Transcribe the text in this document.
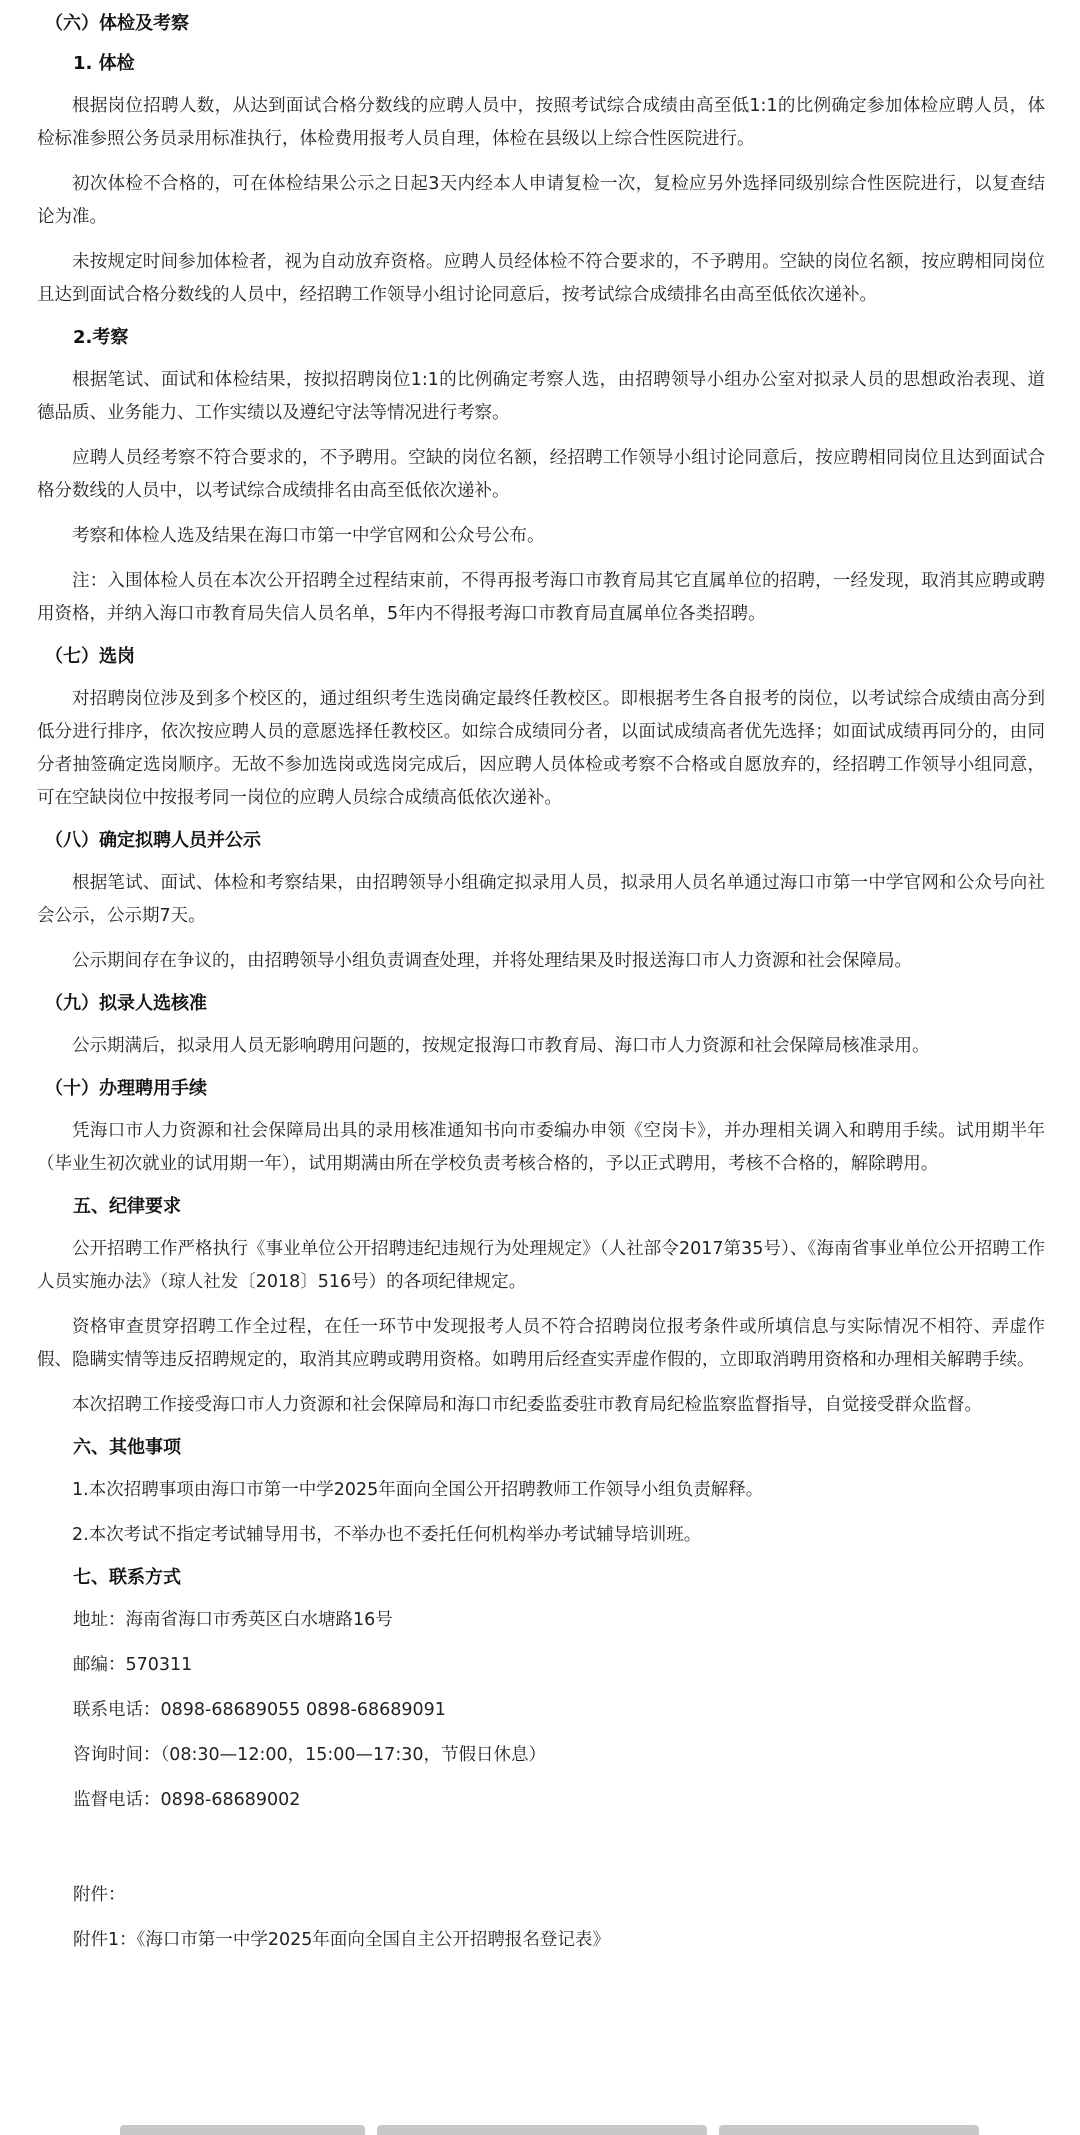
（六）体检及考察

1. 体检

根据岗位招聘人数，从达到面试合格分数线的应聘人员中，按照考试综合成绩由高至低1:1的比例确定参加体检应聘人员，体检标准参照公务员录用标准执行，体检费用报考人员自理，体检在县级以上综合性医院进行。

初次体检不合格的，可在体检结果公示之日起3天内经本人申请复检一次，复检应另外选择同级别综合性医院进行，以复查结论为准。

未按规定时间参加体检者，视为自动放弃资格。应聘人员经体检不符合要求的，不予聘用。空缺的岗位名额，按应聘相同岗位且达到面试合格分数线的人员中，经招聘工作领导小组讨论同意后，按考试综合成绩排名由高至低依次递补。

2.考察

根据笔试、面试和体检结果，按拟招聘岗位1:1的比例确定考察人选，由招聘领导小组办公室对拟录人员的思想政治表现、道德品质、业务能力、工作实绩以及遵纪守法等情况进行考察。

应聘人员经考察不符合要求的，不予聘用。空缺的岗位名额，经招聘工作领导小组讨论同意后，按应聘相同岗位且达到面试合格分数线的人员中，以考试综合成绩排名由高至低依次递补。

考察和体检人选及结果在海口市第一中学官网和公众号公布。

注：入围体检人员在本次公开招聘全过程结束前，不得再报考海口市教育局其它直属单位的招聘，一经发现，取消其应聘或聘用资格，并纳入海口市教育局失信人员名单，5年内不得报考海口市教育局直属单位各类招聘。

（七）选岗

对招聘岗位涉及到多个校区的，通过组织考生选岗确定最终任教校区。即根据考生各自报考的岗位，以考试综合成绩由高分到低分进行排序，依次按应聘人员的意愿选择任教校区。如综合成绩同分者，以面试成绩高者优先选择；如面试成绩再同分的，由同分者抽签确定选岗顺序。无故不参加选岗或选岗完成后，因应聘人员体检或考察不合格或自愿放弃的，经招聘工作领导小组同意，可在空缺岗位中按报考同一岗位的应聘人员综合成绩高低依次递补。

（八）确定拟聘人员并公示

根据笔试、面试、体检和考察结果，由招聘领导小组确定拟录用人员，拟录用人员名单通过海口市第一中学官网和公众号向社会公示，公示期7天。

公示期间存在争议的，由招聘领导小组负责调查处理，并将处理结果及时报送海口市人力资源和社会保障局。

（九）拟录人选核准

公示期满后，拟录用人员无影响聘用问题的，按规定报海口市教育局、海口市人力资源和社会保障局核准录用。

（十）办理聘用手续

凭海口市人力资源和社会保障局出具的录用核准通知书向市委编办申领《空岗卡》，并办理相关调入和聘用手续。试用期半年（毕业生初次就业的试用期一年），试用期满由所在学校负责考核合格的，予以正式聘用，考核不合格的，解除聘用。

五、纪律要求

公开招聘工作严格执行《事业单位公开招聘违纪违规行为处理规定》（人社部令2017第35号）、《海南省事业单位公开招聘工作人员实施办法》（琼人社发〔2018〕516号）的各项纪律规定。

资格审查贯穿招聘工作全过程，在任一环节中发现报考人员不符合招聘岗位报考条件或所填信息与实际情况不相符、弄虚作假、隐瞒实情等违反招聘规定的，取消其应聘或聘用资格。如聘用后经查实弄虚作假的，立即取消聘用资格和办理相关解聘手续。

本次招聘工作接受海口市人力资源和社会保障局和海口市纪委监委驻市教育局纪检监察监督指导，自觉接受群众监督。

六、其他事项

1.本次招聘事项由海口市第一中学2025年面向全国公开招聘教师工作领导小组负责解释。

2.本次考试不指定考试辅导用书，不举办也不委托任何机构举办考试辅导培训班。

七、联系方式

地址：海南省海口市秀英区白水塘路16号

邮编：570311

联系电话：0898-68689055 0898-68689091

咨询时间：（08:30—12:00，15:00—17:30，节假日休息）

监督电话：0898-68689002

附件：

附件1：《海口市第一中学2025年面向全国自主公开招聘报名登记表》
